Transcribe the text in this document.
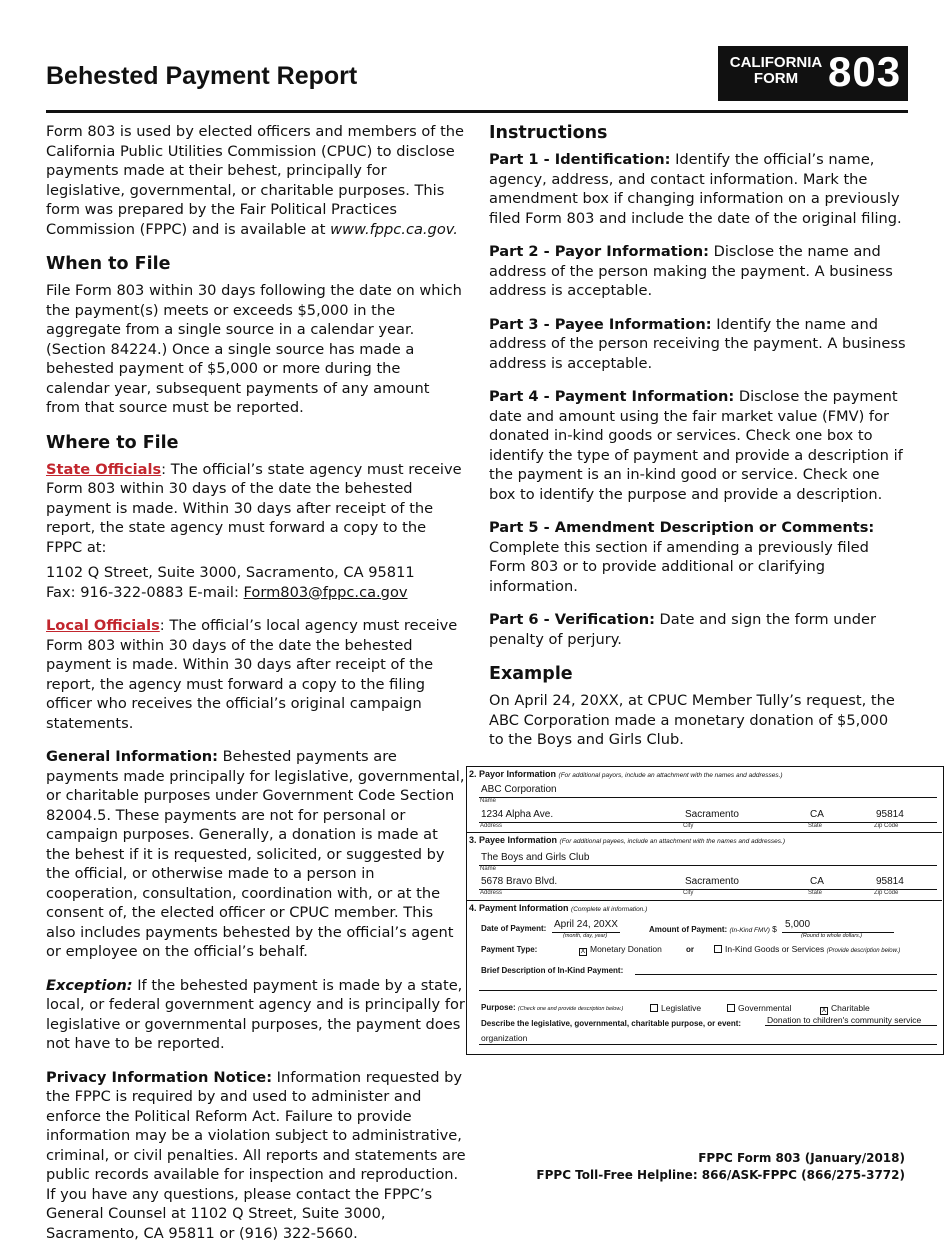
Behested Payment Report	CALIFORNIA
FORM 803

Form 803 is used by elected officers and members of the California Public Utilities Commission (CPUC) to disclose payments made at their behest, principally for legislative, governmental, or charitable purposes. This form was prepared by the Fair Political Practices Commission (FPPC) and is available at www.fppc.ca.gov.

When to File

File Form 803 within 30 days following the date on which the payment(s) meets or exceeds $5,000 in the aggregate from a single source in a calendar year. (Section 84224.) Once a single source has made a behested payment of $5,000 or more during the calendar year, subsequent payments of any amount from that source must be reported.

Where to File

State Officials: The official’s state agency must receive Form 803 within 30 days of the date the behested payment is made. Within 30 days after receipt of the report, the state agency must forward a copy to the FPPC at:

1102 Q Street, Suite 3000, Sacramento, CA 95811
Fax: 916-322-0883 E-mail: Form803@fppc.ca.gov

Local Officials: The official’s local agency must receive Form 803 within 30 days of the date the behested payment is made. Within 30 days after receipt of the report, the agency must forward a copy to the filing officer who receives the official’s original campaign statements.

General Information: Behested payments are payments made principally for legislative, governmental, or charitable purposes under Government Code Section 82004.5. These payments are not for personal or campaign purposes. Generally, a donation is made at the behest if it is requested, solicited, or suggested by the official, or otherwise made to a person in cooperation, consultation, coordination with, or at the consent of, the elected officer or CPUC member. This also includes payments behested by the official’s agent or employee on the official’s behalf.

Exception: If the behested payment is made by a state, local, or federal government agency and is principally for legislative or governmental purposes, the payment does not have to be reported.

Privacy Information Notice: Information requested by the FPPC is required by and used to administer and enforce the Political Reform Act. Failure to provide information may be a violation subject to administrative, criminal, or civil penalties. All reports and statements are public records available for inspection and reproduction. If you have any questions, please contact the FPPC’s General Counsel at 1102 Q Street, Suite 3000, Sacramento, CA 95811 or (916) 322-5660.

Instructions

Part 1 - Identification: Identify the official’s name, agency, address, and contact information. Mark the amendment box if changing information on a previously filed Form 803 and include the date of the original filing.

Part 2 - Payor Information: Disclose the name and address of the person making the payment. A business address is acceptable.

Part 3 - Payee Information: Identify the name and address of the person receiving the payment. A business address is acceptable.

Part 4 - Payment Information: Disclose the payment date and amount using the fair market value (FMV) for donated in-kind goods or services. Check one box to identify the type of payment and provide a description if the payment is an in-kind good or service. Check one box to identify the purpose and provide a description.

Part 5 - Amendment Description or Comments: Complete this section if amending a previously filed Form 803 or to provide additional or clarifying information.

Part 6 - Verification: Date and sign the form under penalty of perjury.

Example

On April 24, 20XX, at CPUC Member Tully’s request, the ABC Corporation made a monetary donation of $5,000 to the Boys and Girls Club.

2. Payor Information (For additional payors, include an attachment with the names and addresses.)
ABC Corporation
Name
1234 Alpha Ave.	Sacramento	CA	95814
Address	City	State	Zip Code
3. Payee Information (For additional payees, include an attachment with the names and addresses.)
The Boys and Girls Club
Name
5678 Bravo Blvd.	Sacramento	CA	95814
Address	City	State	Zip Code
4. Payment Information (Complete all information.)
Date of Payment: April 24, 20XX
(month, day, year)
Amount of Payment: (In-Kind FMV) $ 5,000
(Round to whole dollars.)
Payment Type:	X Monetary Donation	or	In-Kind Goods or Services (Provide description below.)
Brief Description of In-Kind Payment:
Purpose: (Check one and provide description below.)	Legislative	Governmental	X Charitable
Describe the legislative, governmental, charitable purpose, or event:	Donation to children's community service
organization
FPPC Form 803 (January/2018)
FPPC Toll-Free Helpline: 866/ASK-FPPC (866/275-3772)
